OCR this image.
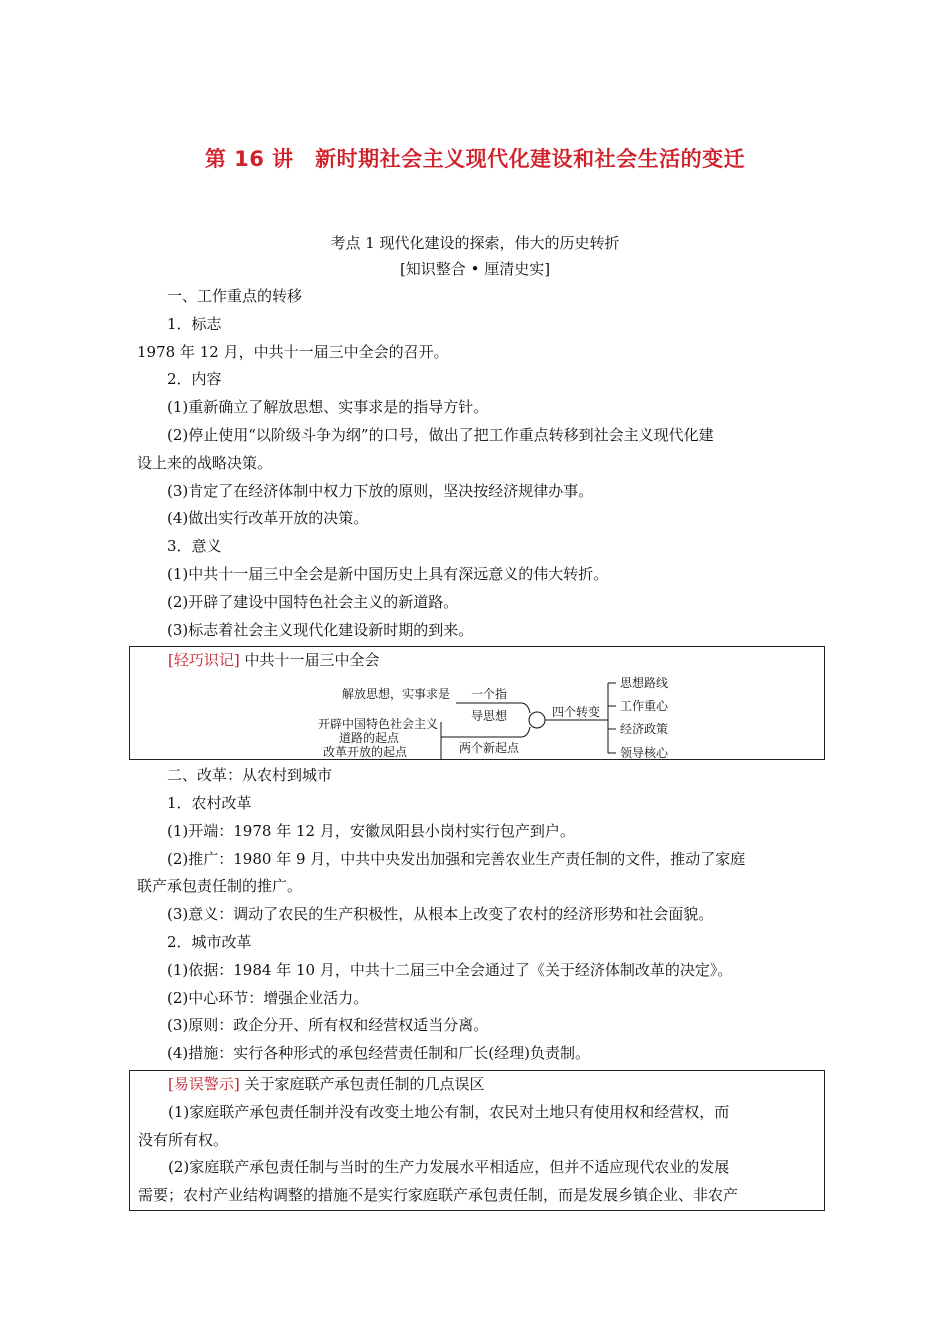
第 16 讲　新时期社会主义现代化建设和社会生活的变迁
考点 1 现代化建设的探索，伟大的历史转折
[知识整合 • 厘清史实]

一、工作重点的转移

1．标志

1978 年 12 月，中共十一届三中全会的召开。

2．内容

(1)重新确立了解放思想、实事求是的指导方针。

(2)停止使用“以阶级斗争为纲”的口号，做出了把工作重点转移到社会主义现代化建

设上来的战略决策。

(3)肯定了在经济体制中权力下放的原则，坚决按经济规律办事。

(4)做出实行改革开放的决策。

3．意义

(1)中共十一届三中全会是新中国历史上具有深远意义的伟大转折。

(2)开辟了建设中国特色社会主义的新道路。

(3)标志着社会主义现代化建设新时期的到来。

[轻巧识记] 中共十一届三中全会

解放思想，实事求是 一个指
导思想
开辟中国特色社会主义
道路的起点
改革开放的起点	两个新起点
四个转变
思想路线
工作重心
经济政策
领导核心

二、改革：从农村到城市

1．农村改革

(1)开端：1978 年 12 月，安徽凤阳县小岗村实行包产到户。

(2)推广：1980 年 9 月，中共中央发出加强和完善农业生产责任制的文件，推动了家庭

联产承包责任制的推广。

(3)意义：调动了农民的生产积极性，从根本上改变了农村的经济形势和社会面貌。

2．城市改革

(1)依据：1984 年 10 月，中共十二届三中全会通过了《关于经济体制改革的决定》。

(2)中心环节：增强企业活力。

(3)原则：政企分开、所有权和经营权适当分离。

(4)措施：实行各种形式的承包经营责任制和厂长(经理)负责制。

[易误警示] 关于家庭联产承包责任制的几点误区

(1)家庭联产承包责任制并没有改变土地公有制，农民对土地只有使用权和经营权，而

没有所有权。

(2)家庭联产承包责任制与当时的生产力发展水平相适应，但并不适应现代农业的发展

需要；农村产业结构调整的措施不是实行家庭联产承包责任制，而是发展乡镇企业、非农产
